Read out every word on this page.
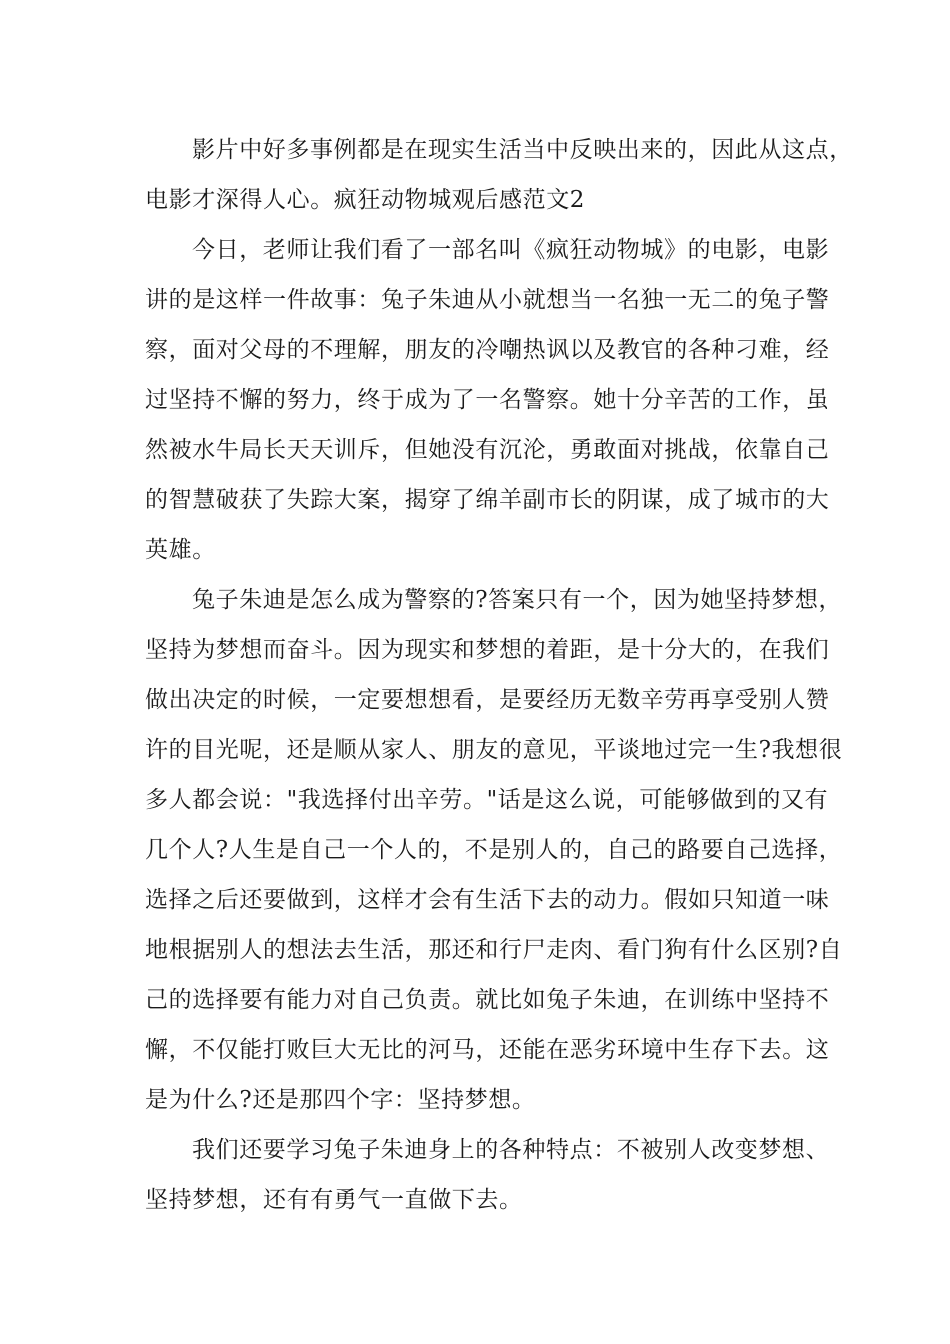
影片中好多事例都是在现实生活当中反映出来的，因此从这点，
电影才深得人心。疯狂动物城观后感范文2
今日，老师让我们看了一部名叫《疯狂动物城》的电影，电影
讲的是这样一件故事：兔子朱迪从小就想当一名独一无二的兔子警
察，面对父母的不理解，朋友的冷嘲热讽以及教官的各种刁难，经
过坚持不懈的努力，终于成为了一名警察。她十分辛苦的工作，虽
然被水牛局长天天训斥，但她没有沉沦，勇敢面对挑战，依靠自己
的智慧破获了失踪大案，揭穿了绵羊副市长的阴谋，成了城市的大
英雄。
兔子朱迪是怎么成为警察的?答案只有一个，因为她坚持梦想，
坚持为梦想而奋斗。因为现实和梦想的着距，是十分大的，在我们
做出决定的时候，一定要想想看，是要经历无数辛劳再享受别人赞
许的目光呢，还是顺从家人、朋友的意见，平谈地过完一生?我想很
多人都会说："我选择付出辛劳。"话是这么说，可能够做到的又有
几个人?人生是自己一个人的，不是别人的，自己的路要自己选择，
选择之后还要做到，这样才会有生活下去的动力。假如只知道一味
地根据别人的想法去生活，那还和行尸走肉、看门狗有什么区别?自
己的选择要有能力对自己负责。就比如兔子朱迪，在训练中坚持不
懈，不仅能打败巨大无比的河马，还能在恶劣环境中生存下去。这
是为什么?还是那四个字：坚持梦想。
我们还要学习兔子朱迪身上的各种特点：不被别人改变梦想、
坚持梦想，还有有勇气一直做下去。
